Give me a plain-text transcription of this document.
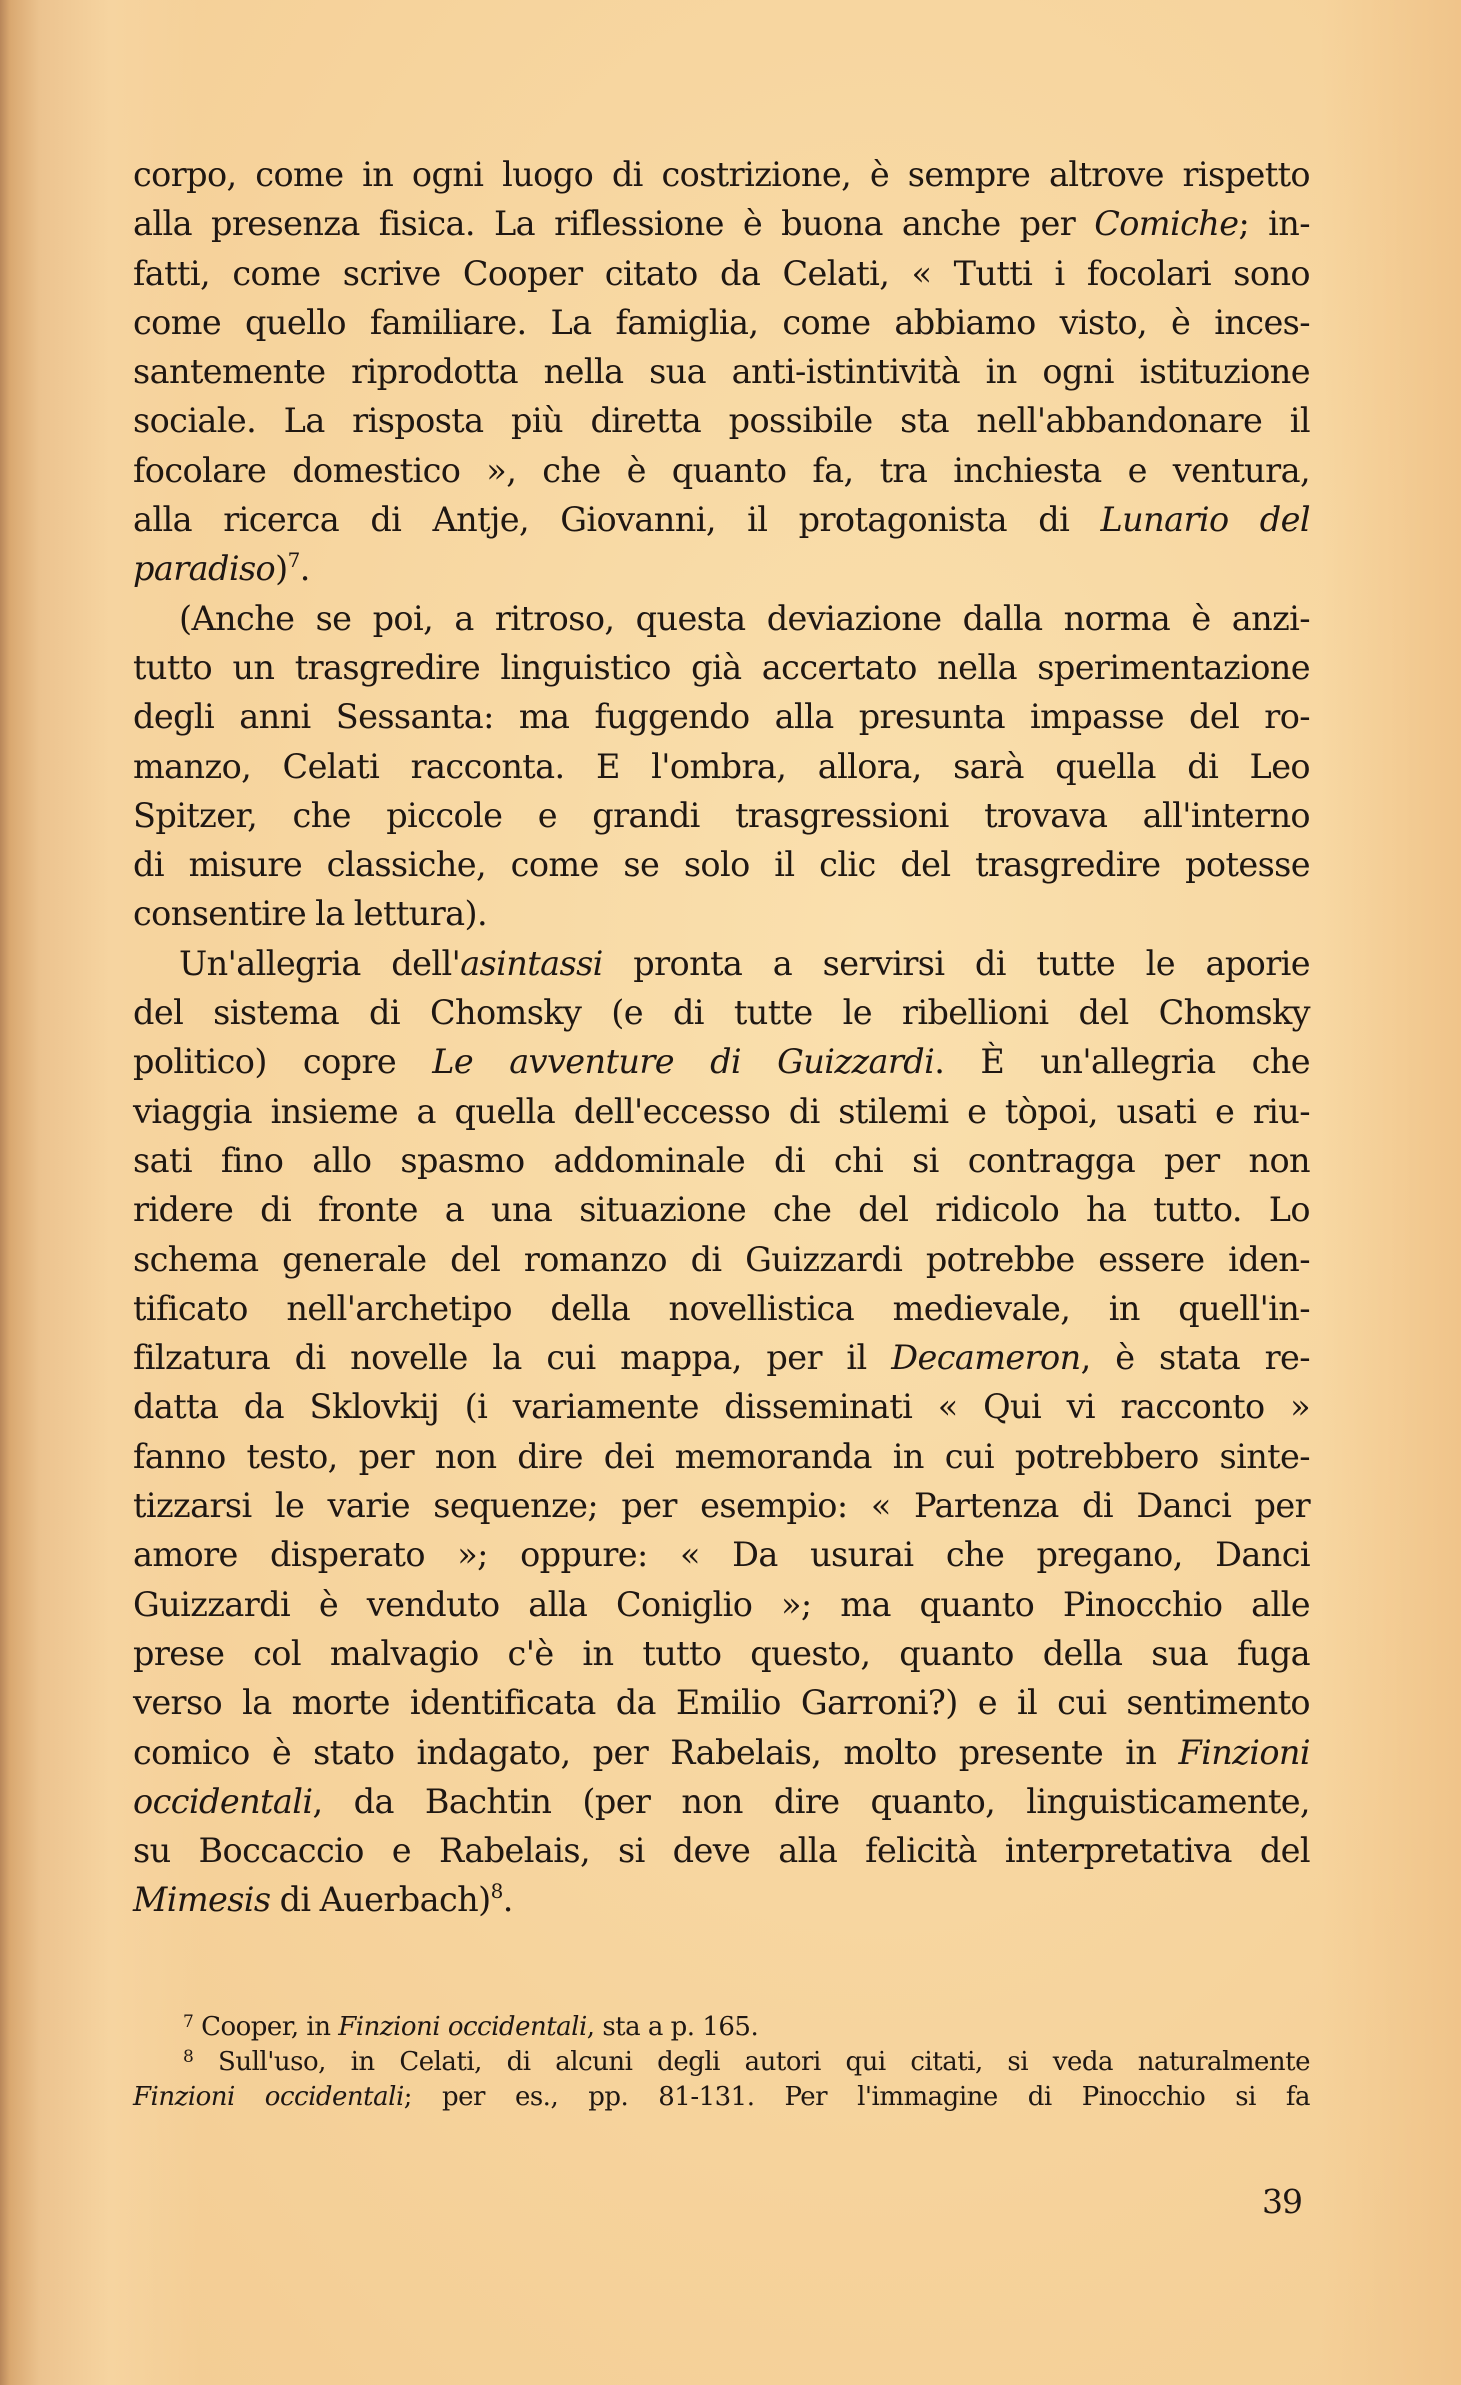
corpo, come in ogni luogo di costrizione, è sempre altrove rispetto
alla presenza fisica. La riflessione è buona anche per Comiche; in-
fatti, come scrive Cooper citato da Celati, « Tutti i focolari sono
come quello familiare. La famiglia, come abbiamo visto, è inces-
santemente riprodotta nella sua anti-istintività in ogni istituzione
sociale. La risposta più diretta possibile sta nell'abbandonare il
focolare domestico », che è quanto fa, tra inchiesta e ventura,
alla ricerca di Antje, Giovanni, il protagonista di Lunario del
paradiso)$^7$.
(Anche se poi, a ritroso, questa deviazione dalla norma è anzi-
tutto un trasgredire linguistico già accertato nella sperimentazione
degli anni Sessanta: ma fuggendo alla presunta impasse del ro-
manzo, Celati racconta. E l'ombra, allora, sarà quella di Leo
Spitzer, che piccole e grandi trasgressioni trovava all'interno
di misure classiche, come se solo il clic del trasgredire potesse
consentire la lettura).
Un'allegria dell'asintassi pronta a servirsi di tutte le aporie
del sistema di Chomsky (e di tutte le ribellioni del Chomsky
politico) copre Le avventure di Guizzardi. È un'allegria che
viaggia insieme a quella dell'eccesso di stilemi e tòpoi, usati e riu-
sati fino allo spasmo addominale di chi si contragga per non
ridere di fronte a una situazione che del ridicolo ha tutto. Lo
schema generale del romanzo di Guizzardi potrebbe essere iden-
tificato nell'archetipo della novellistica medievale, in quell'in-
filzatura di novelle la cui mappa, per il Decameron, è stata re-
datta da Sklovkij (i variamente disseminati « Qui vi racconto »
fanno testo, per non dire dei memoranda in cui potrebbero sinte-
tizzarsi le varie sequenze; per esempio: « Partenza di Danci per
amore disperato »; oppure: « Da usurai che pregano, Danci
Guizzardi è venduto alla Coniglio »; ma quanto Pinocchio alle
prese col malvagio c'è in tutto questo, quanto della sua fuga
verso la morte identificata da Emilio Garroni?) e il cui sentimento
comico è stato indagato, per Rabelais, molto presente in Finzioni
occidentali, da Bachtin (per non dire quanto, linguisticamente,
su Boccaccio e Rabelais, si deve alla felicità interpretativa del
Mimesis di Auerbach)$^8$.
$^7$ Cooper, in Finzioni occidentali, sta a p. 165.
$^8$ Sull'uso, in Celati, di alcuni degli autori qui citati, si veda naturalmente
Finzioni occidentali; per es., pp. 81-131. Per l'immagine di Pinocchio si fa
39
